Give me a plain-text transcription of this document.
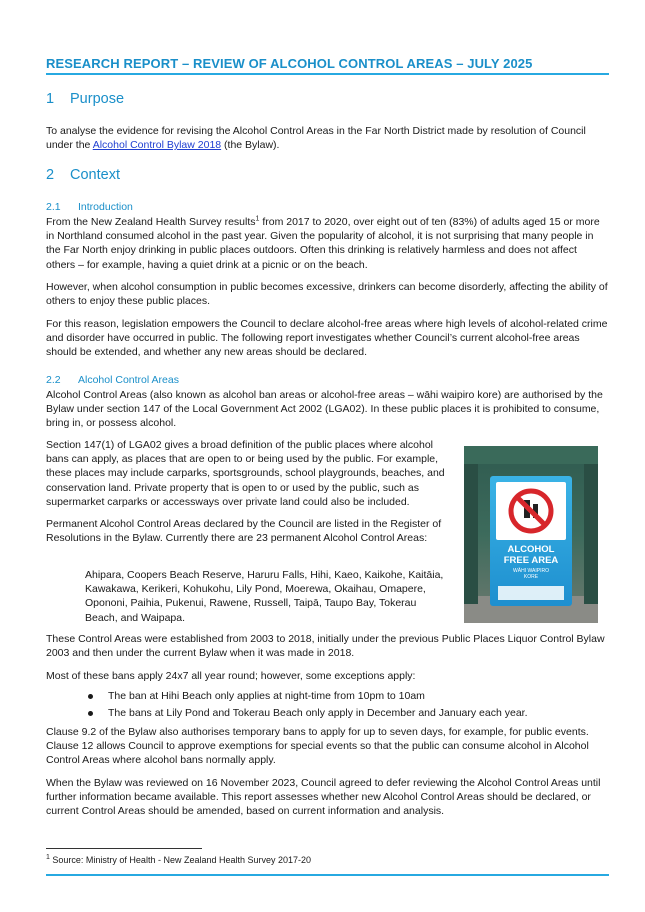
RESEARCH REPORT – REVIEW OF ALCOHOL CONTROL AREAS – JULY 2025
1 Purpose

To analyse the evidence for revising the Alcohol Control Areas in the Far North District made by resolution of Council under the Alcohol Control Bylaw 2018 (the Bylaw).

2 Context
2.1 Introduction

From the New Zealand Health Survey results$^1$ from 2017 to 2020, over eight out of ten (83%) of adults aged 15 or more in Northland consumed alcohol in the past year. Given the popularity of alcohol, it is not surprising that many people in the Far North enjoy drinking in public places outdoors. Often this drinking is relatively harmless and does not affect others – for example, having a quiet drink at a picnic or on the beach.

However, when alcohol consumption in public becomes excessive, drinkers can become disorderly, affecting the ability of others to enjoy these public places.

For this reason, legislation empowers the Council to declare alcohol-free areas where high levels of alcohol-related crime and disorder have occurred in public. The following report investigates whether Council’s current alcohol-free areas should be extended, and whether any new areas should be declared.

2.2 Alcohol Control Areas

Alcohol Control Areas (also known as alcohol ban areas or alcohol-free areas – wāhi waipiro kore) are authorised by the Bylaw under section 147 of the Local Government Act 2002 (LGA02). In these public places it is prohibited to consume, bring in, or possess alcohol.

Section 147(1) of LGA02 gives a broad definition of the public places where alcohol bans can apply, as places that are open to or being used by the public. For example, these places may include carparks, sportsgrounds, school playgrounds, beaches, and conservation land. Private property that is open to or used by the public, such as supermarket carparks or accessways over private land could also be included.

Permanent Alcohol Control Areas declared by the Council are listed in the Register of Resolutions in the Bylaw. Currently there are 23 permanent Alcohol Control Areas:

Ahipara, Coopers Beach Reserve, Haruru Falls, Hihi, Kaeo, Kaikohe, Kaitāia, Kawakawa, Kerikeri, Kohukohu, Lily Pond, Moerewa, Okaihau, Omapere, Opononi, Paihia, Pukenui, Rawene, Russell, Taipā, Taupo Bay, Tokerau Beach, and Waipapa.

ALCOHOL
FREE AREA
WĀHI WAIPIRO
KORE

These Control Areas were established from 2003 to 2018, initially under the previous Public Places Liquor Control Bylaw 2003 and then under the current Bylaw when it was made in 2018.

Most of these bans apply 24x7 all year round; however, some exceptions apply:

The ban at Hihi Beach only applies at night-time from 10pm to 10am
The bans at Lily Pond and Tokerau Beach only apply in December and January each year.

Clause 9.2 of the Bylaw also authorises temporary bans to apply for up to seven days, for example, for public events. Clause 12 allows Council to approve exemptions for special events so that the public can consume alcohol in Alcohol Control Areas where alcohol bans normally apply.

When the Bylaw was reviewed on 16 November 2023, Council agreed to defer reviewing the Alcohol Control Areas until further information became available. This report assesses whether new Alcohol Control Areas should be declared, or current Control Areas should be amended, based on current information and analysis.

$^1$ Source: Ministry of Health - New Zealand Health Survey 2017-20
